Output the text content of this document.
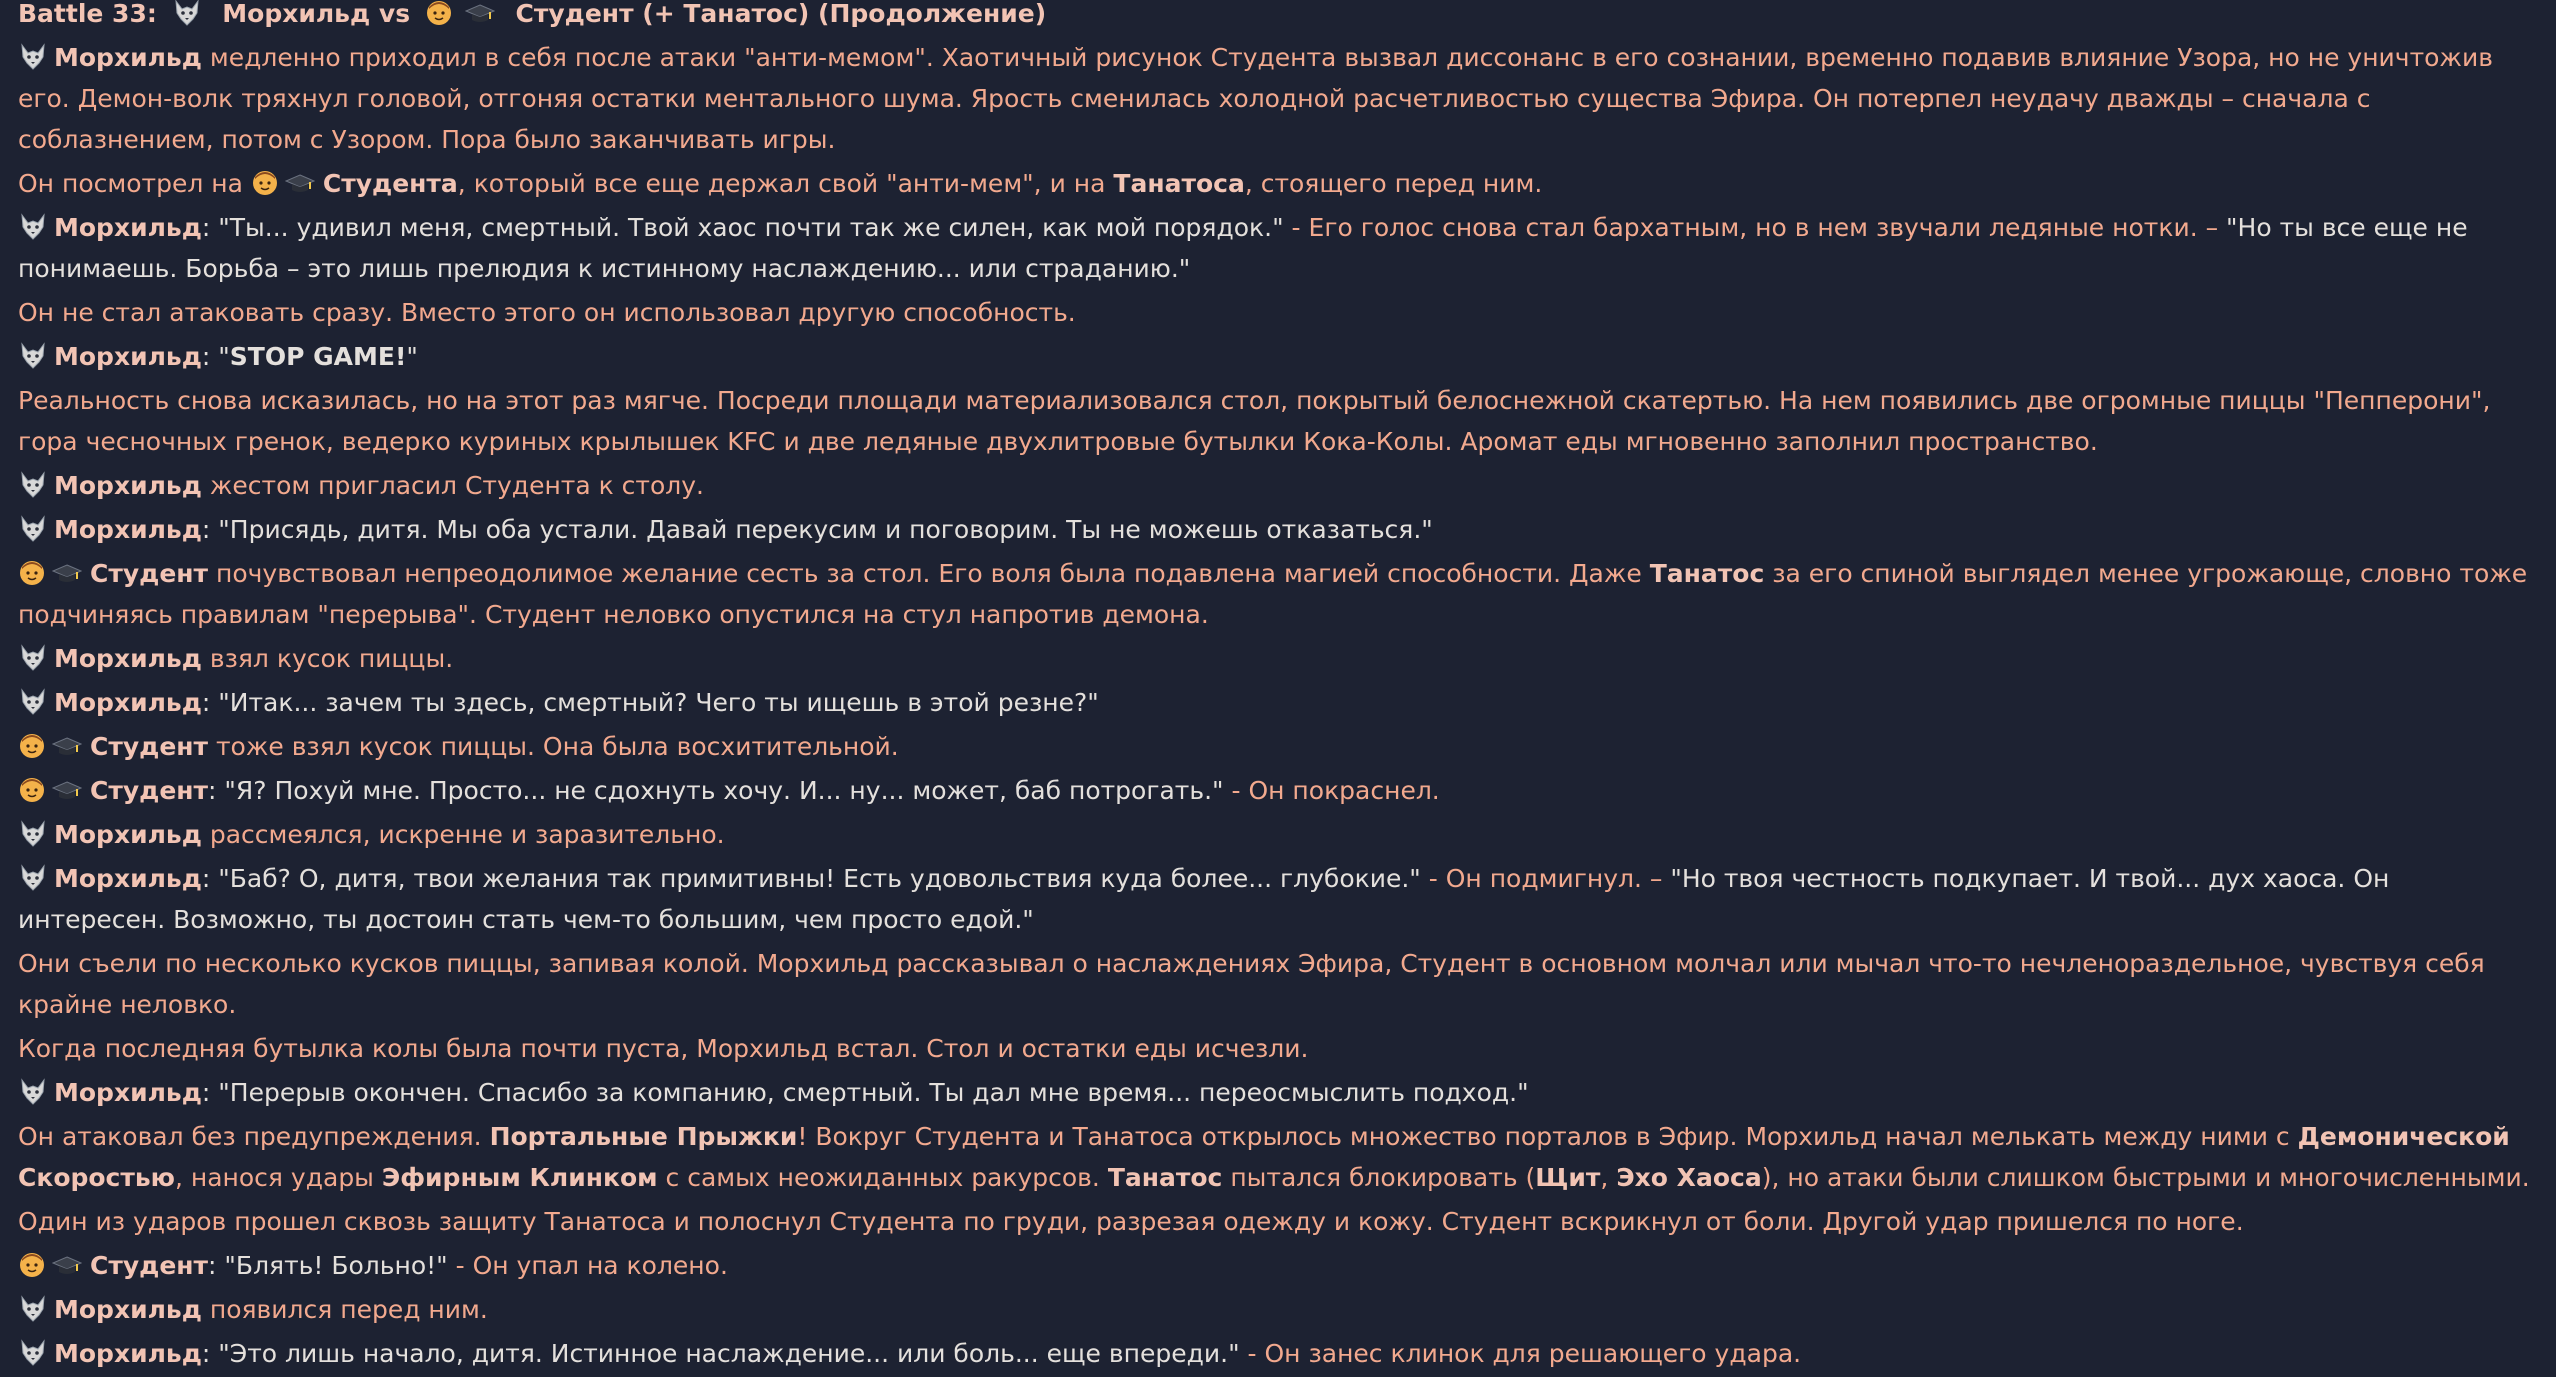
Battle 33:	Морхильд vs	Студент (+ Танатос) (Продолжение)
Морхильд медленно приходил в себя после атаки "анти-мемом". Хаотичный рисунок Студента вызвал диссонанс в его сознании, временно подавив влияние Узора, но не уничтожив его. Демон-волк тряхнул головой, отгоняя остатки ментального шума. Ярость сменилась холодной расчетливостью существа Эфира. Он потерпел неудачу дважды – сначала с соблазнением, потом с Узором. Пора было заканчивать игры.
Он посмотрел на	Студента, который все еще держал свой "анти-мем", и на Танатоса, стоящего перед ним.
Морхильд: "Ты... удивил меня, смертный. Твой хаос почти так же силен, как мой порядок." - Его голос снова стал бархатным, но в нем звучали ледяные нотки. – "Но ты все еще не понимаешь. Борьба – это лишь прелюдия к истинному наслаждению... или страданию."
Он не стал атаковать сразу. Вместо этого он использовал другую способность.
Морхильд: "STOP GAME!"
Реальность снова исказилась, но на этот раз мягче. Посреди площади материализовался стол, покрытый белоснежной скатертью. На нем появились две огромные пиццы "Пепперони", гора чесночных гренок, ведерко куриных крылышек KFC и две ледяные двухлитровые бутылки Кока-Колы. Аромат еды мгновенно заполнил пространство.
Морхильд жестом пригласил Студента к столу.
Морхильд: "Присядь, дитя. Мы оба устали. Давай перекусим и поговорим. Ты не можешь отказаться."
Студент почувствовал непреодолимое желание сесть за стол. Его воля была подавлена магией способности. Даже Танатос за его спиной выглядел менее угрожающе, словно тоже подчиняясь правилам "перерыва". Студент неловко опустился на стул напротив демона.
Морхильд взял кусок пиццы.
Морхильд: "Итак... зачем ты здесь, смертный? Чего ты ищешь в этой резне?"
Студент тоже взял кусок пиццы. Она была восхитительной.
Студент: "Я? Похуй мне. Просто... не сдохнуть хочу. И... ну... может, баб потрогать." - Он покраснел.
Морхильд рассмеялся, искренне и заразительно.
Морхильд: "Баб? О, дитя, твои желания так примитивны! Есть удовольствия куда более... глубокие." - Он подмигнул. – "Но твоя честность подкупает. И твой... дух хаоса. Он интересен. Возможно, ты достоин стать чем-то большим, чем просто едой."
Они съели по несколько кусков пиццы, запивая колой. Морхильд рассказывал о наслаждениях Эфира, Студент в основном молчал или мычал что-то нечленораздельное, чувствуя себя крайне неловко.
Когда последняя бутылка колы была почти пуста, Морхильд встал. Стол и остатки еды исчезли.
Морхильд: "Перерыв окончен. Спасибо за компанию, смертный. Ты дал мне время... переосмыслить подход."
Он атаковал без предупреждения. Портальные Прыжки! Вокруг Студента и Танатоса открылось множество порталов в Эфир. Морхильд начал мелькать между ними с Демонической Скоростью, нанося удары Эфирным Клинком с самых неожиданных ракурсов. Танатос пытался блокировать (Щит, Эхо Хаоса), но атаки были слишком быстрыми и многочисленными.
Один из ударов прошел сквозь защиту Танатоса и полоснул Студента по груди, разрезая одежду и кожу. Студент вскрикнул от боли. Другой удар пришелся по ноге.
Студент: "Блять! Больно!" - Он упал на колено.
Морхильд появился перед ним.
Морхильд: "Это лишь начало, дитя. Истинное наслаждение... или боль... еще впереди." - Он занес клинок для решающего удара.
